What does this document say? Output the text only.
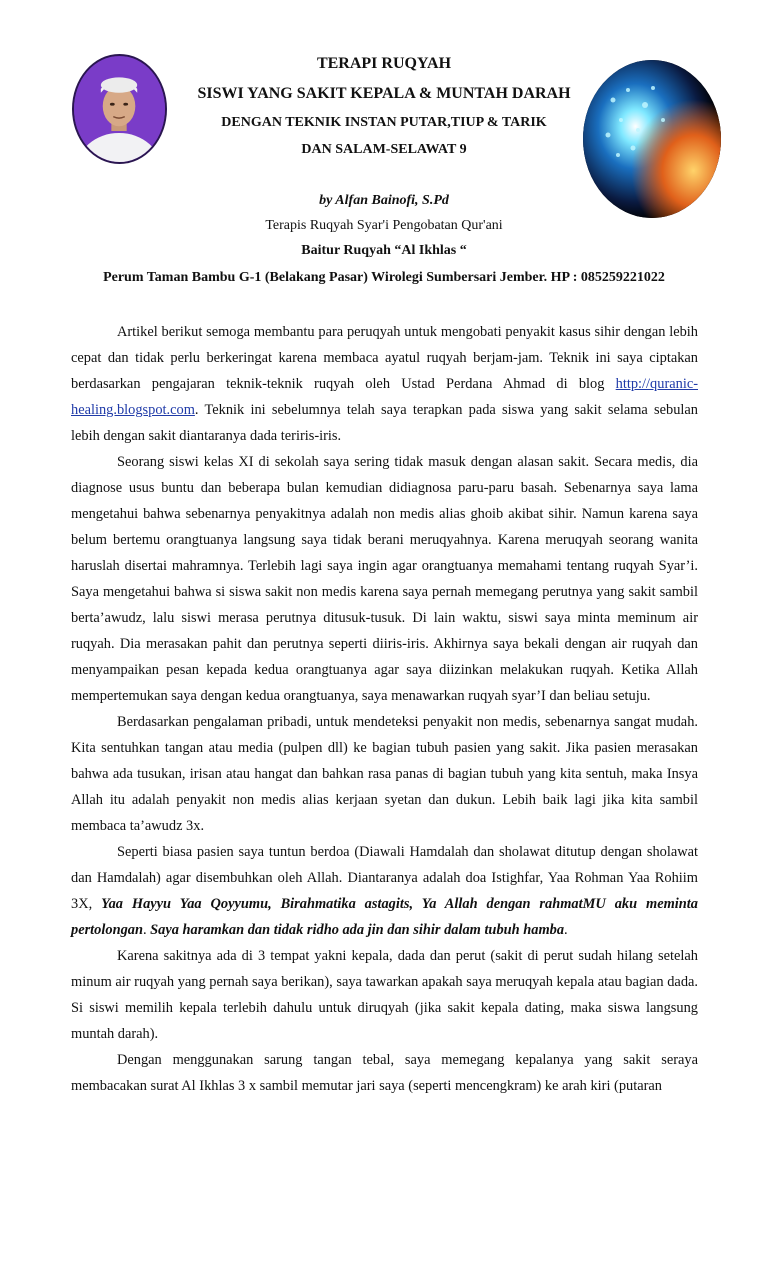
TERAPI RUQYAH
SISWI YANG SAKIT KEPALA & MUNTAH DARAH
DENGAN TEKNIK INSTAN PUTAR,TIUP & TARIK
DAN SALAM-SELAWAT 9
by Alfan Bainofi, S.Pd
Terapis Ruqyah Syar'i Pengobatan Qur'ani
Baitur Ruqyah “Al Ikhlas “
Perum Taman Bambu G-1 (Belakang Pasar) Wirolegi Sumbersari Jember. HP : 085259221022

Artikel berikut semoga membantu para peruqyah untuk mengobati penyakit kasus sihir dengan lebih cepat dan tidak perlu berkeringat karena membaca ayatul ruqyah berjam-jam. Teknik ini saya ciptakan berdasarkan pengajaran teknik-teknik ruqyah oleh Ustad Perdana Ahmad di blog http://quranic-healing.blogspot.com. Teknik ini sebelumnya telah saya terapkan pada siswa yang sakit selama sebulan lebih dengan sakit diantaranya dada teriris-iris.

Seorang siswi kelas XI di sekolah saya sering tidak masuk dengan alasan sakit. Secara medis, dia diagnose usus buntu dan beberapa bulan kemudian didiagnosa paru-paru basah. Sebenarnya saya lama mengetahui bahwa sebenarnya penyakitnya adalah non medis alias ghoib akibat sihir. Namun karena saya belum bertemu orangtuanya langsung saya tidak berani meruqyahnya. Karena meruqyah seorang wanita haruslah disertai mahramnya. Terlebih lagi saya ingin agar orangtuanya memahami tentang ruqyah Syar’i. Saya mengetahui bahwa si siswa sakit non medis karena saya pernah memegang perutnya yang sakit sambil berta’awudz, lalu siswi merasa perutnya ditusuk-tusuk. Di lain waktu, siswi saya minta meminum air ruqyah. Dia merasakan pahit dan perutnya seperti diiris-iris. Akhirnya saya bekali dengan air ruqyah dan menyampaikan pesan kepada kedua orangtuanya agar saya diizinkan melakukan ruqyah. Ketika Allah mempertemukan saya dengan kedua orangtuanya, saya menawarkan ruqyah syar’I dan beliau setuju.

Berdasarkan pengalaman pribadi, untuk mendeteksi penyakit non medis, sebenarnya sangat mudah. Kita sentuhkan tangan atau media (pulpen dll) ke bagian tubuh pasien yang sakit. Jika pasien merasakan bahwa ada tusukan, irisan atau hangat dan bahkan rasa panas di bagian tubuh yang kita sentuh, maka Insya Allah itu adalah penyakit non medis alias kerjaan syetan dan dukun. Lebih baik lagi jika kita sambil membaca ta’awudz 3x.

Seperti biasa pasien saya tuntun berdoa (Diawali Hamdalah dan sholawat ditutup dengan sholawat dan Hamdalah) agar disembuhkan oleh Allah. Diantaranya adalah doa Istighfar, Yaa Rohman Yaa Rohiim 3X, Yaa Hayyu Yaa Qoyyumu, Birahmatika astagits, Ya Allah dengan rahmatMU aku meminta pertolongan. Saya haramkan dan tidak ridho ada jin dan sihir dalam tubuh hamba.

Karena sakitnya ada di 3 tempat yakni kepala, dada dan perut (sakit di perut sudah hilang setelah minum air ruqyah yang pernah saya berikan), saya tawarkan apakah saya meruqyah kepala atau bagian dada. Si siswi memilih kepala terlebih dahulu untuk diruqyah (jika sakit kepala dating, maka siswa langsung muntah darah).

Dengan menggunakan sarung tangan tebal, saya memegang kepalanya yang sakit seraya membacakan surat Al Ikhlas 3 x sambil memutar jari saya (seperti mencengkram) ke arah kiri (putaran
